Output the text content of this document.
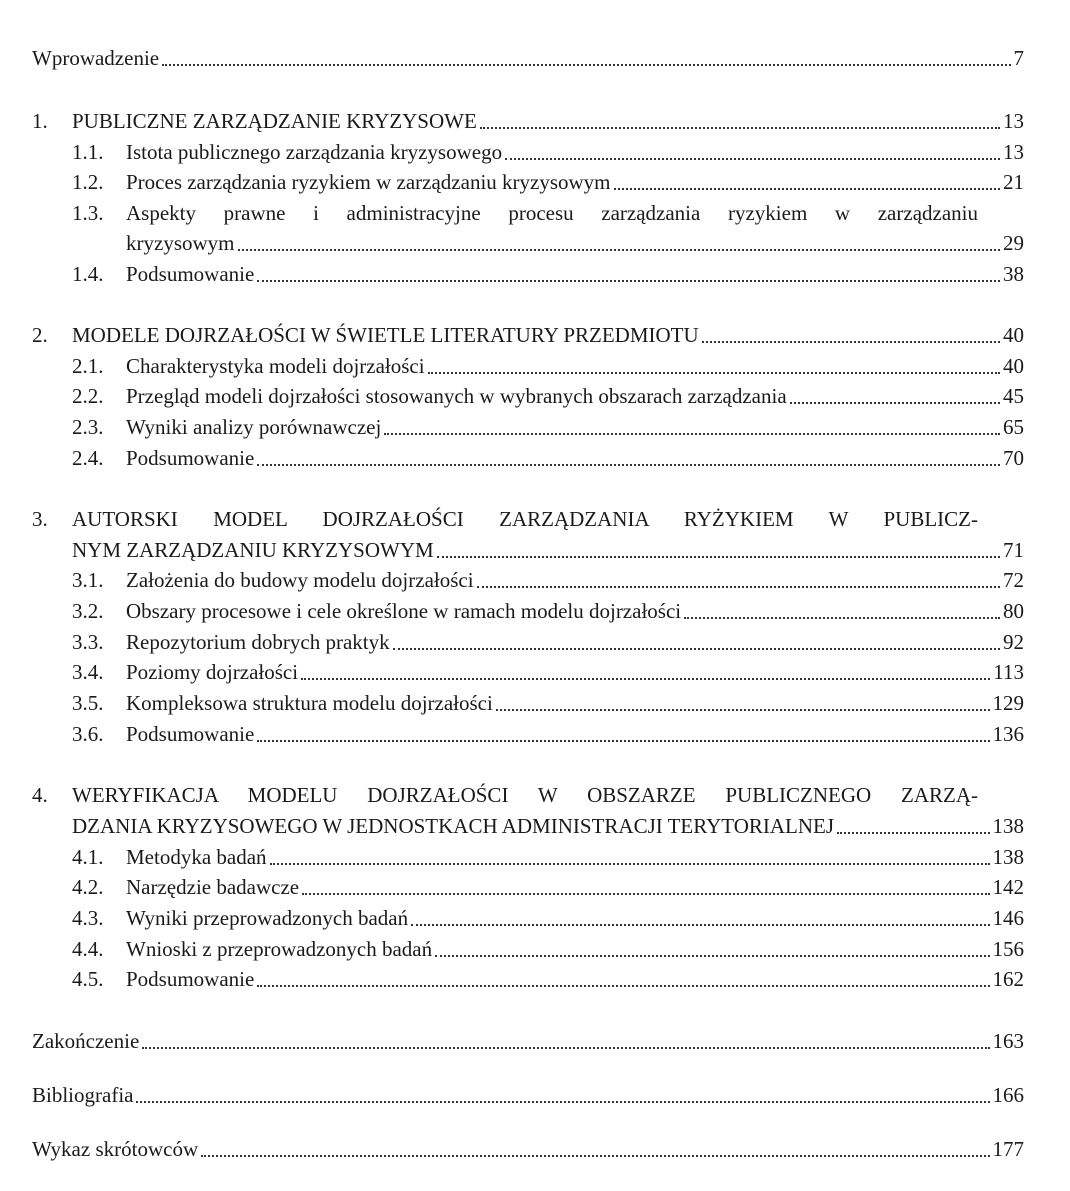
Wprowadzenie	7
1.	PUBLICZNE ZARZĄDZANIE KRYZYSOWE	13
1.1.	Istota publicznego zarządzania kryzysowego	13
1.2.	Proces zarządzania ryzykiem w zarządzaniu kryzysowym	21
1.3. Aspekty prawne i administracyjne procesu zarządzania ryzykiem w zarządzaniu
kryzysowym	29
1.4.	Podsumowanie	38
2.	MODELE DOJRZAŁOŚCI W ŚWIETLE LITERATURY PRZEDMIOTU	40
2.1.	Charakterystyka modeli dojrzałości	40
2.2.	Przegląd modeli dojrzałości stosowanych w wybranych obszarach zarządzania	45
2.3.	Wyniki analizy porównawczej	65
2.4.	Podsumowanie	70
3. AUTORSKI MODEL DOJRZAŁOŚCI ZARZĄDZANIA RYŻYKIEM W PUBLICZ-
NYM ZARZĄDZANIU KRYZYSOWYM	71
3.1.	Założenia do budowy modelu dojrzałości	72
3.2.	Obszary procesowe i cele określone w ramach modelu dojrzałości	80
3.3.	Repozytorium dobrych praktyk	92
3.4.	Poziomy dojrzałości	113
3.5.	Kompleksowa struktura modelu dojrzałości	129
3.6.	Podsumowanie	136
4. WERYFIKACJA MODELU DOJRZAŁOŚCI W OBSZARZE PUBLICZNEGO ZARZĄ-
DZANIA KRYZYSOWEGO W JEDNOSTKACH ADMINISTRACJI TERYTORIALNEJ	138
4.1.	Metodyka badań	138
4.2.	Narzędzie badawcze	142
4.3.	Wyniki przeprowadzonych badań	146
4.4.	Wnioski z przeprowadzonych badań	156
4.5.	Podsumowanie	162
Zakończenie	163
Bibliografia	166
Wykaz skrótowców	177
